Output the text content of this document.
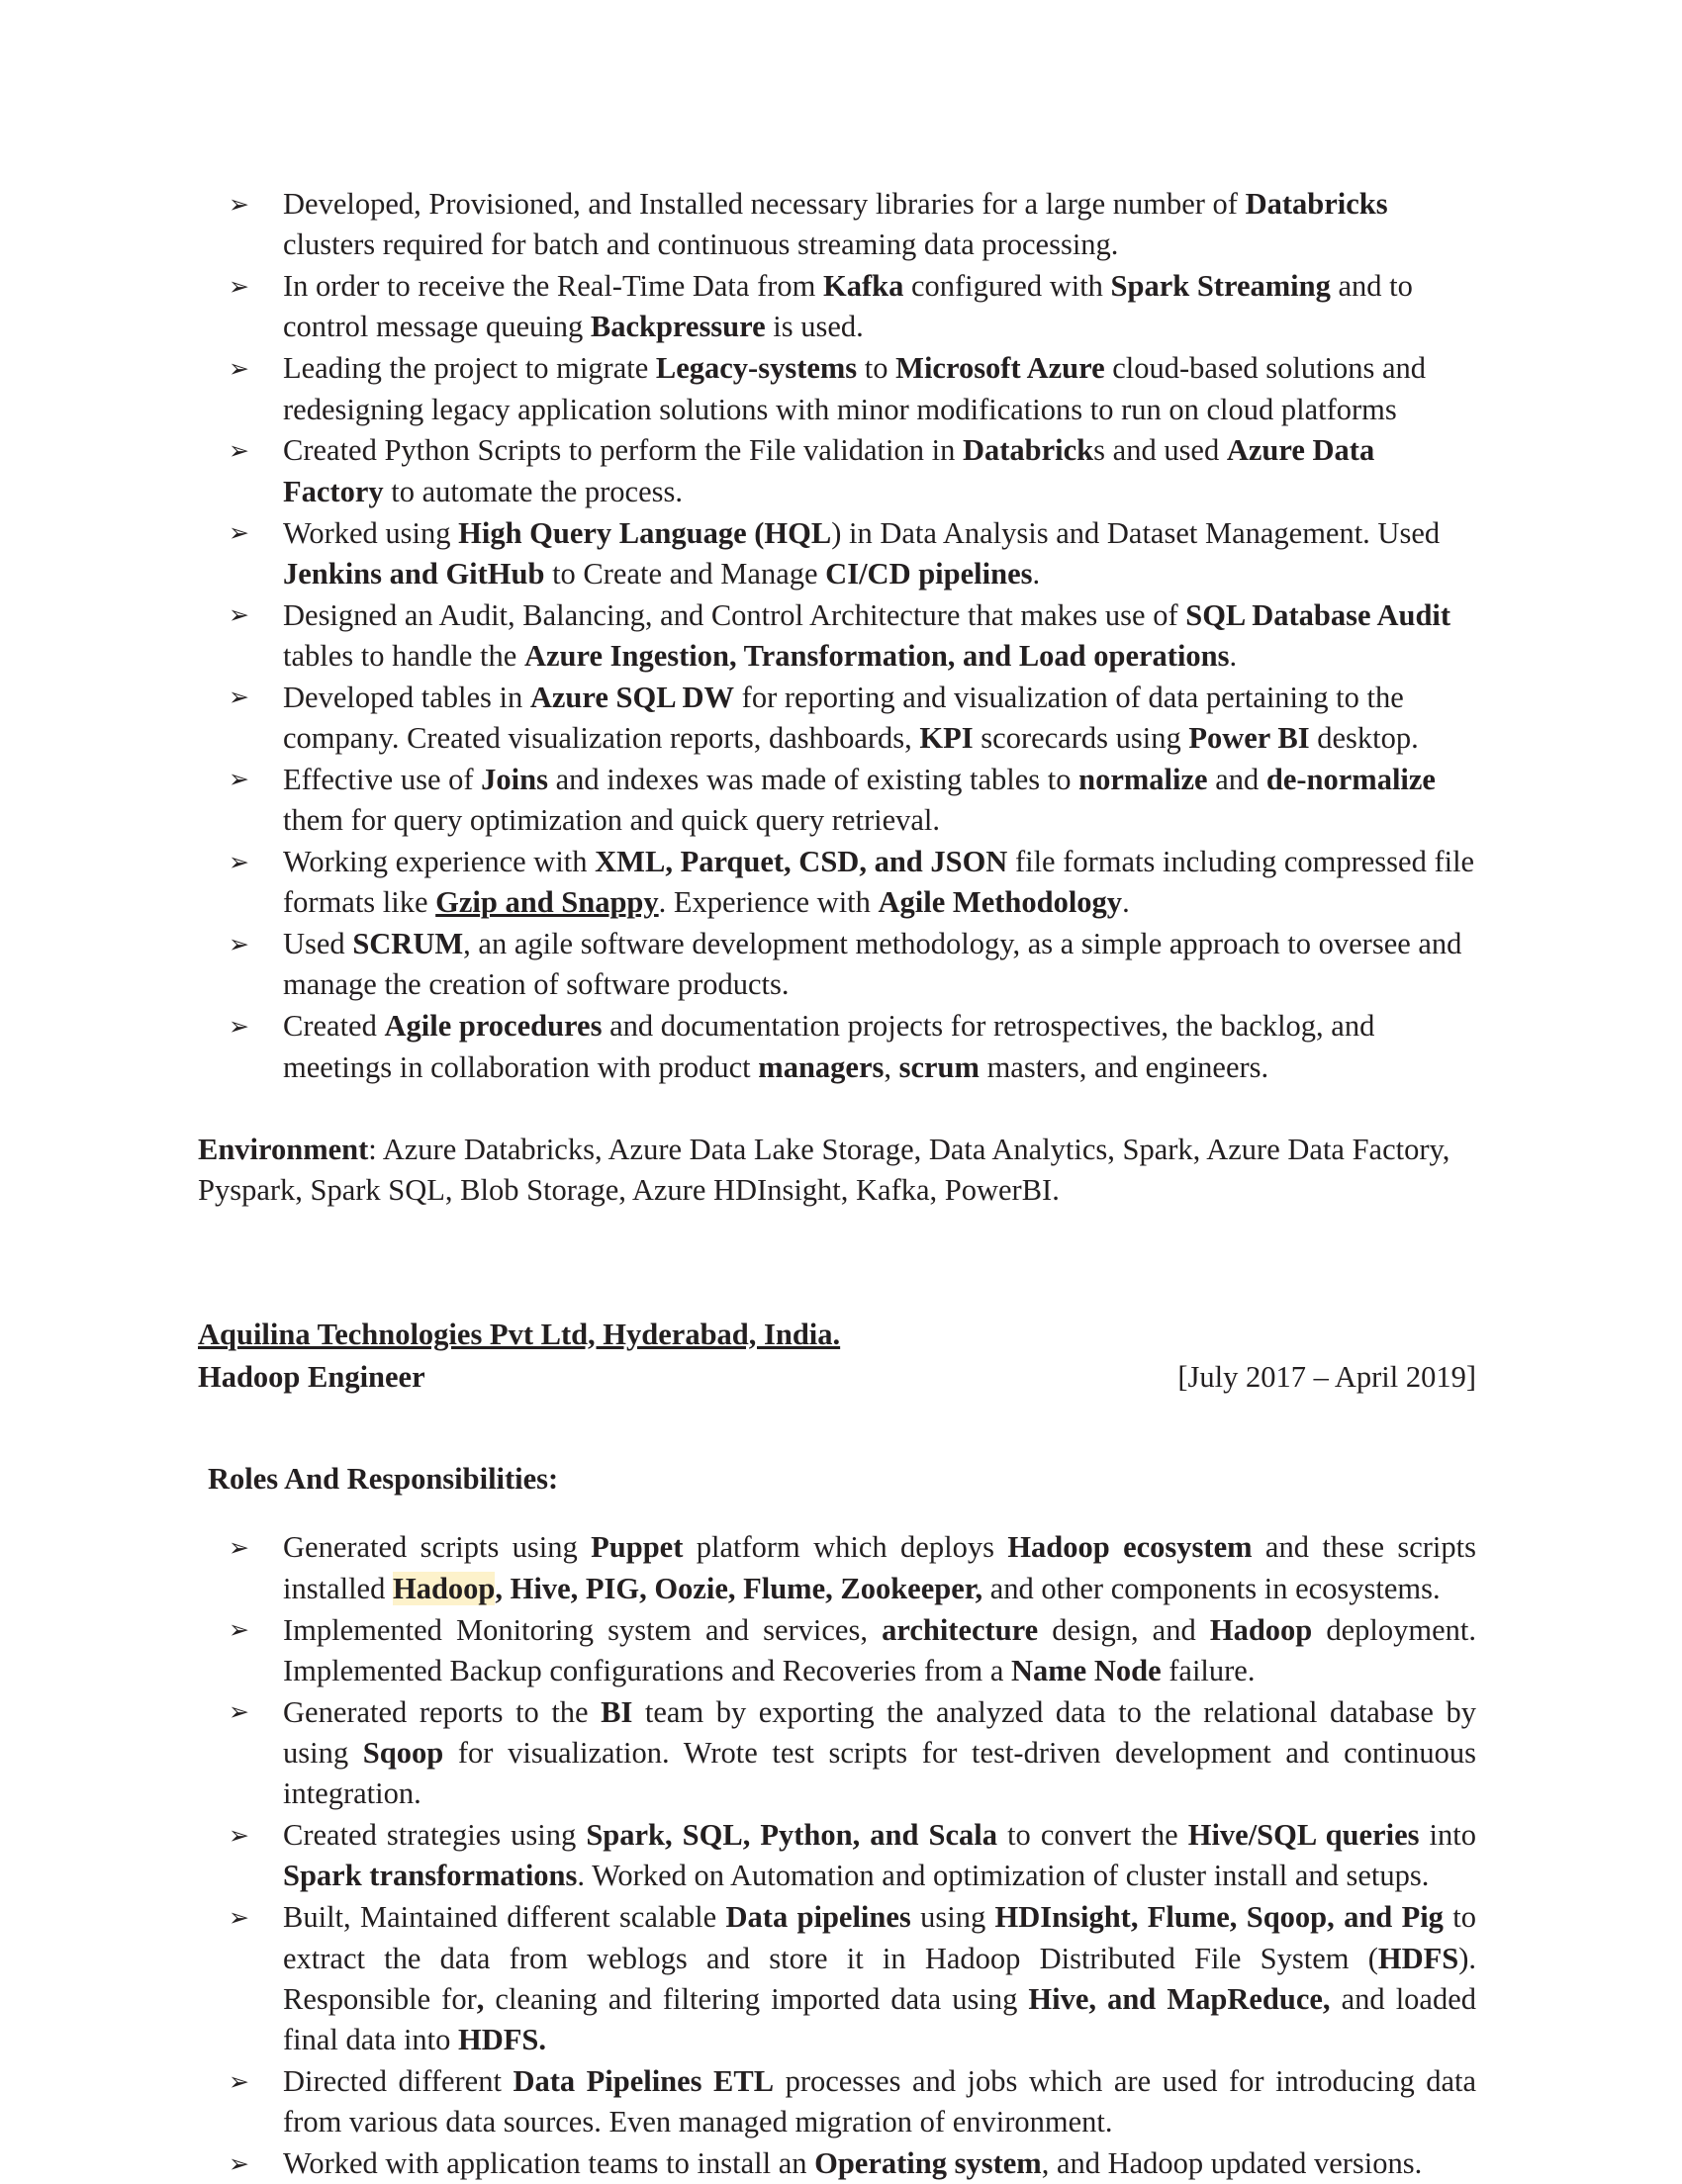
➢ Developed, Provisioned, and Installed necessary libraries for a large number of Databricks clusters required for batch and continuous streaming data processing.
➢ In order to receive the Real-Time Data from Kafka configured with Spark Streaming and to control message queuing Backpressure is used.
➢ Leading the project to migrate Legacy-systems to Microsoft Azure cloud-based solutions and redesigning legacy application solutions with minor modifications to run on cloud platforms
➢ Created Python Scripts to perform the File validation in Databricks and used Azure Data Factory to automate the process.
➢ Worked using High Query Language (HQL) in Data Analysis and Dataset Management. Used Jenkins and GitHub to Create and Manage CI/CD pipelines.
➢ Designed an Audit, Balancing, and Control Architecture that makes use of SQL Database Audit tables to handle the Azure Ingestion, Transformation, and Load operations.
➢ Developed tables in Azure SQL DW for reporting and visualization of data pertaining to the company. Created visualization reports, dashboards, KPI scorecards using Power BI desktop.
➢ Effective use of Joins and indexes was made of existing tables to normalize and de-normalize them for query optimization and quick query retrieval.
➢ Working experience with XML, Parquet, CSD, and JSON file formats including compressed file formats like Gzip and Snappy. Experience with Agile Methodology.
➢ Used SCRUM, an agile software development methodology, as a simple approach to oversee and manage the creation of software products.
➢ Created Agile procedures and documentation projects for retrospectives, the backlog, and meetings in collaboration with product managers, scrum masters, and engineers.

Environment: Azure Databricks, Azure Data Lake Storage, Data Analytics, Spark, Azure Data Factory, Pyspark, Spark SQL, Blob Storage, Azure HDInsight, Kafka, PowerBI.

Aquilina Technologies Pvt Ltd, Hyderabad, India.
Hadoop Engineer	[July 2017 – April 2019]
Roles And Responsibilities:
➢ Generated scripts using Puppet platform which deploys Hadoop ecosystem and these scripts installed Hadoop, Hive, PIG, Oozie, Flume, Zookeeper, and other components in ecosystems.
➢ Implemented Monitoring system and services, architecture design, and Hadoop deployment. Implemented Backup configurations and Recoveries from a Name Node failure.
➢ Generated reports to the BI team by exporting the analyzed data to the relational database by using Sqoop for visualization. Wrote test scripts for test-driven development and continuous integration.
➢ Created strategies using Spark, SQL, Python, and Scala to convert the Hive/SQL queries into Spark transformations. Worked on Automation and optimization of cluster install and setups.
➢ Built, Maintained different scalable Data pipelines using HDInsight, Flume, Sqoop, and Pig to extract the data from weblogs and store it in Hadoop Distributed File System (HDFS). Responsible for, cleaning and filtering imported data using Hive, and MapReduce, and loaded final data into HDFS.
➢ Directed different Data Pipelines ETL processes and jobs which are used for introducing data from various data sources. Even managed migration of environment.
➢ Worked with application teams to install an Operating system, and Hadoop updated versions.
